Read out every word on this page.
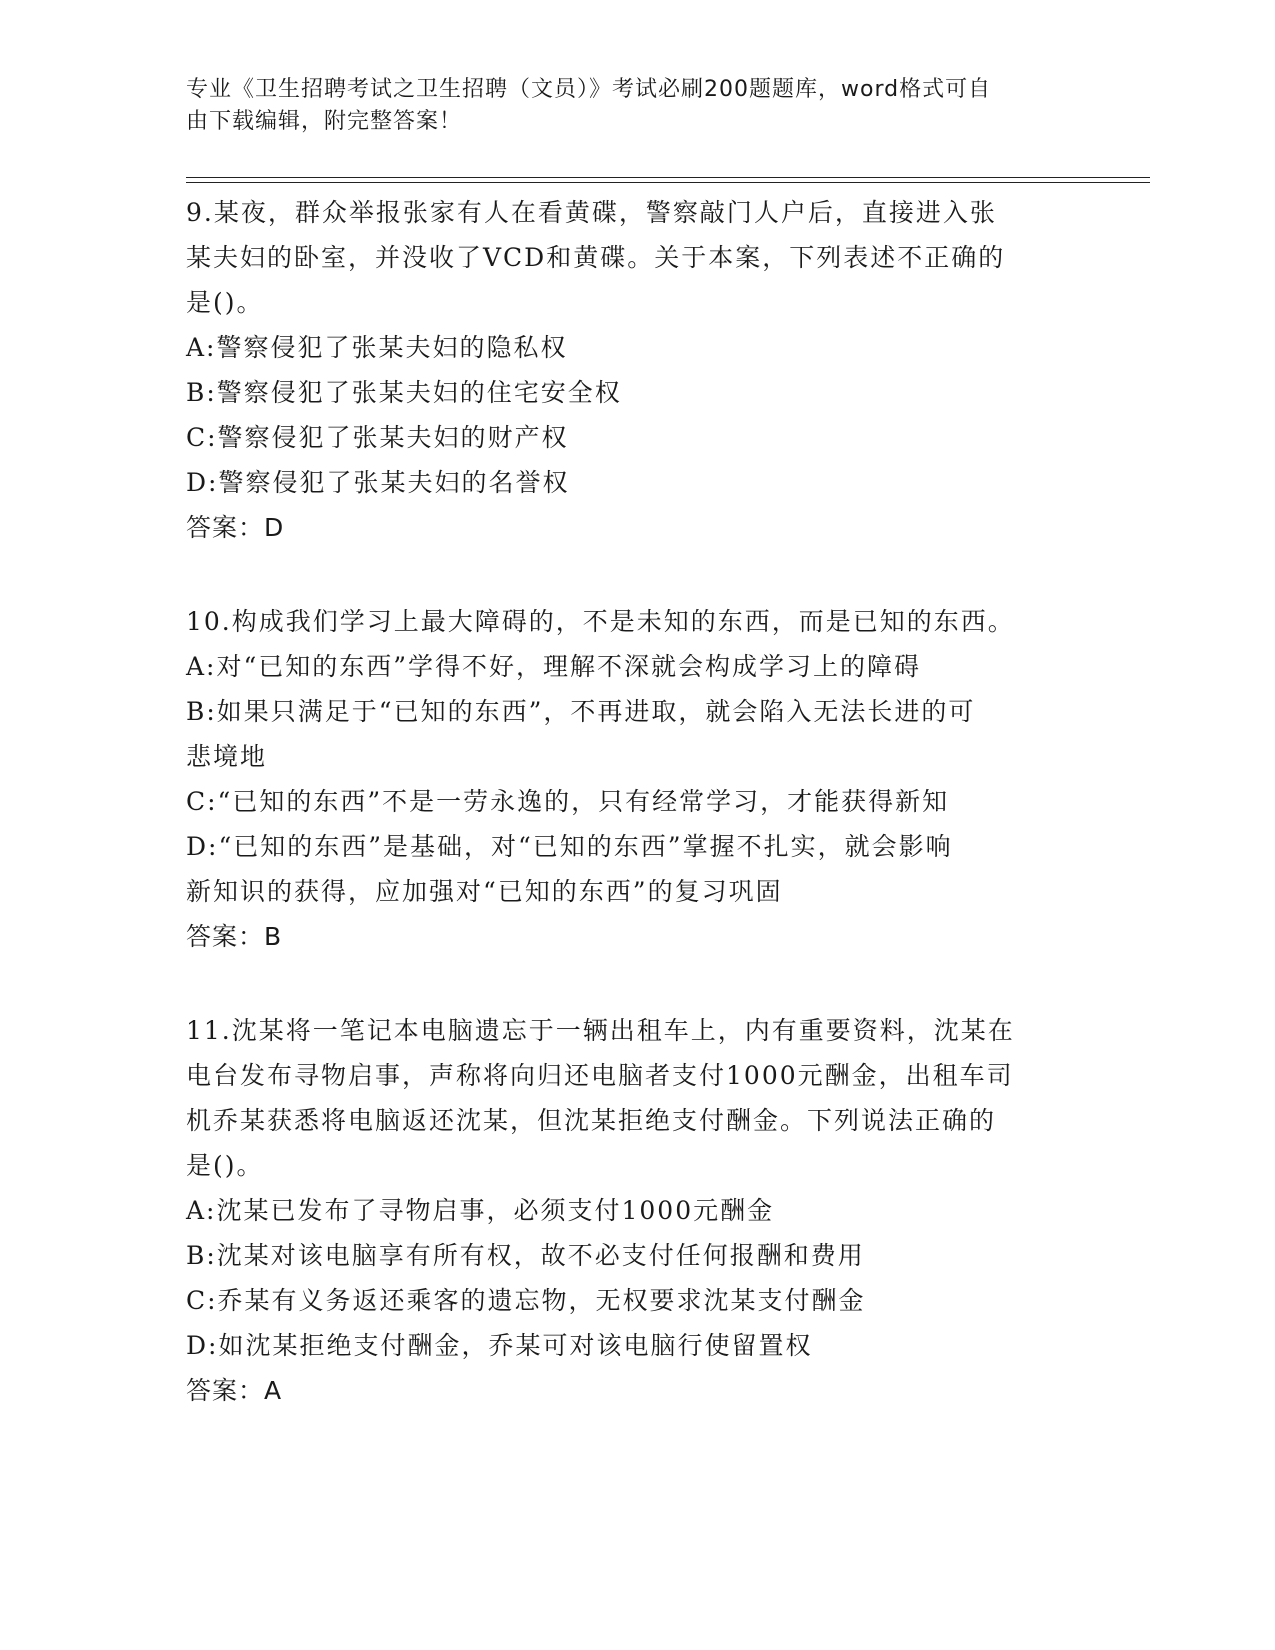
专业《卫生招聘考试之卫生招聘（文员）》考试必刷200题题库，word格式可自
由下载编辑，附完整答案！
9.某夜，群众举报张家有人在看黄碟，警察敲门人户后，直接进入张
某夫妇的卧室，并没收了VCD和黄碟。关于本案，下列表述不正确的
是()。
A:警察侵犯了张某夫妇的隐私权
B:警察侵犯了张某夫妇的住宅安全权
C:警察侵犯了张某夫妇的财产权
D:警察侵犯了张某夫妇的名誉权
答案：D
10.构成我们学习上最大障碍的，不是未知的东西，而是已知的东西。
A:对“已知的东西”学得不好，理解不深就会构成学习上的障碍
B:如果只满足于“已知的东西”，不再进取，就会陷入无法长进的可
悲境地
C:“已知的东西”不是一劳永逸的，只有经常学习，才能获得新知
D:“已知的东西”是基础，对“已知的东西”掌握不扎实，就会影响
新知识的获得，应加强对“已知的东西”的复习巩固
答案：B
11.沈某将一笔记本电脑遗忘于一辆出租车上，内有重要资料，沈某在
电台发布寻物启事，声称将向归还电脑者支付1000元酬金，出租车司
机乔某获悉将电脑返还沈某，但沈某拒绝支付酬金。下列说法正确的
是()。
A:沈某已发布了寻物启事，必须支付1000元酬金
B:沈某对该电脑享有所有权，故不必支付任何报酬和费用
C:乔某有义务返还乘客的遗忘物，无权要求沈某支付酬金
D:如沈某拒绝支付酬金，乔某可对该电脑行使留置权
答案：A
